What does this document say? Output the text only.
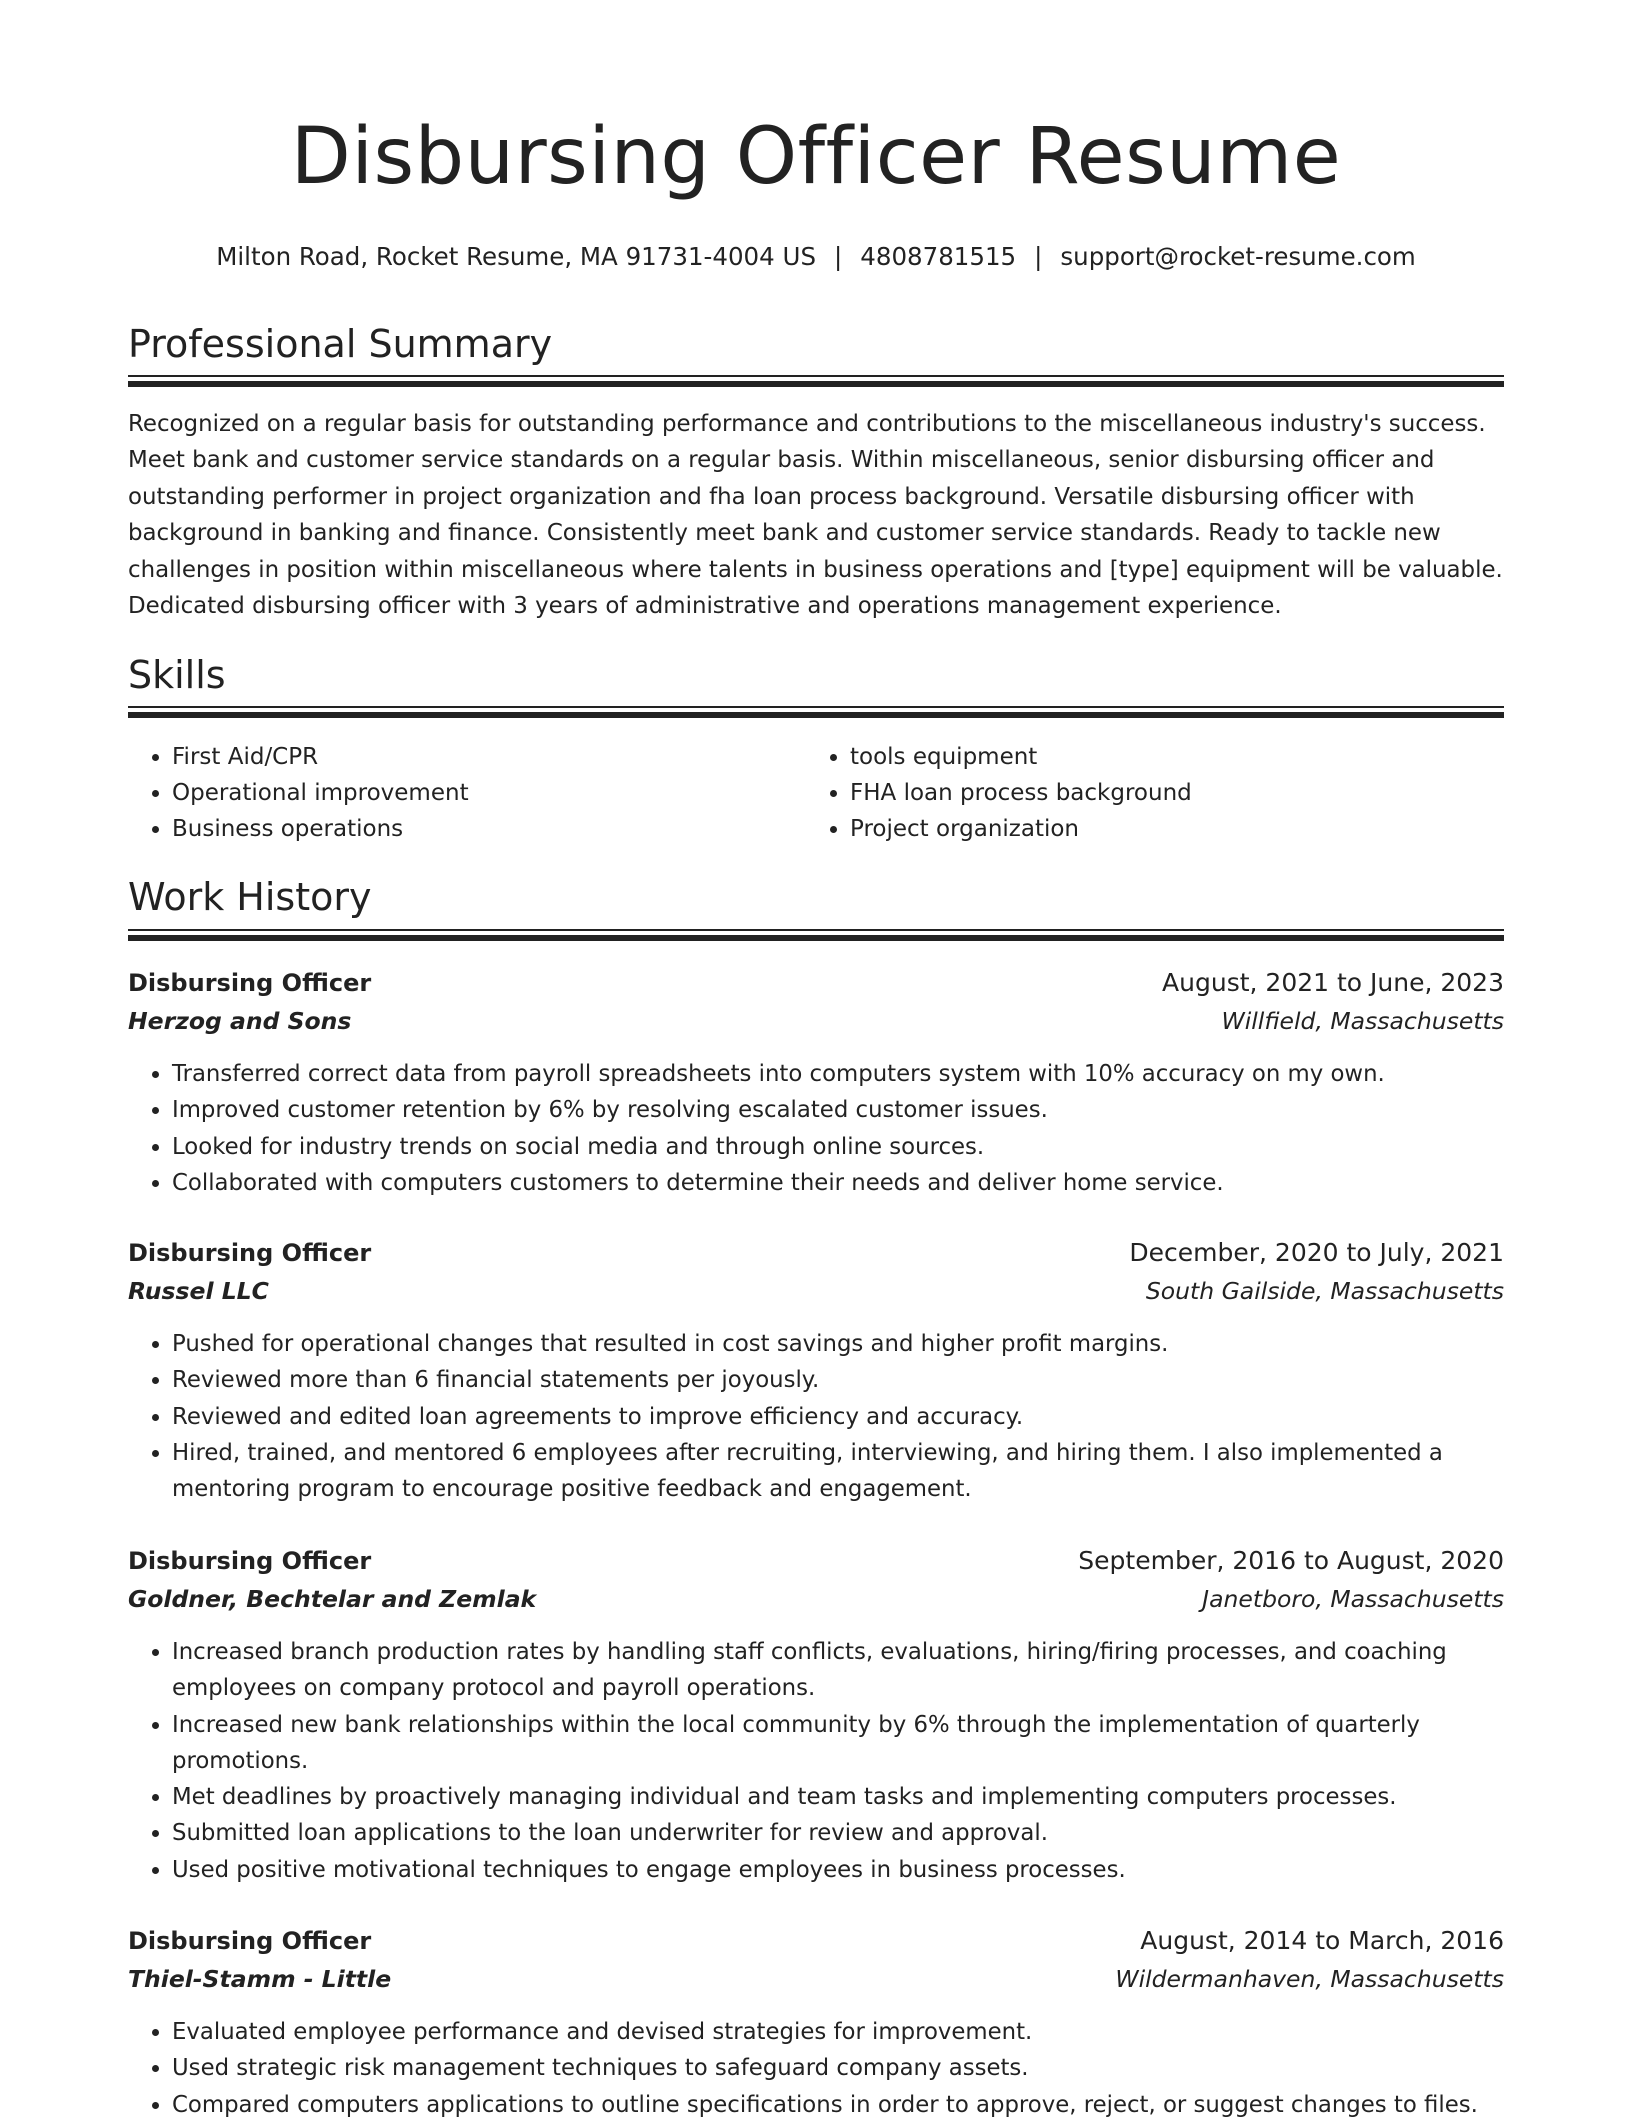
Disbursing Officer Resume
Milton Road, Rocket Resume, MA 91731-4004 US | 4808781515 | support@rocket-resume.com
Professional Summary

Recognized on a regular basis for outstanding performance and contributions to the miscellaneous industry's success. Meet bank and customer service standards on a regular basis. Within miscellaneous, senior disbursing officer and outstanding performer in project organization and fha loan process background. Versatile disbursing officer with background in banking and finance. Consistently meet bank and customer service standards. Ready to tackle new challenges in position within miscellaneous where talents in business operations and [type] equipment will be valuable. Dedicated disbursing officer with 3 years of administrative and operations management experience.

Skills
• First Aid/CPR
• Operational improvement
• Business operations
• tools equipment
• FHA loan process background
• Project organization
Work History
Disbursing Officer	August, 2021 to June, 2023
Herzog and Sons	Willfield, Massachusetts
• Transferred correct data from payroll spreadsheets into computers system with 10% accuracy on my own.
• Improved customer retention by 6% by resolving escalated customer issues.
• Looked for industry trends on social media and through online sources.
• Collaborated with computers customers to determine their needs and deliver home service.
Disbursing Officer	December, 2020 to July, 2021
Russel LLC	South Gailside, Massachusetts
• Pushed for operational changes that resulted in cost savings and higher profit margins.
• Reviewed more than 6 financial statements per joyously.
• Reviewed and edited loan agreements to improve efficiency and accuracy.
• Hired, trained, and mentored 6 employees after recruiting, interviewing, and hiring them. I also implemented a mentoring program to encourage positive feedback and engagement.
Disbursing Officer	September, 2016 to August, 2020
Goldner, Bechtelar and Zemlak	Janetboro, Massachusetts
• Increased branch production rates by handling staff conflicts, evaluations, hiring/firing processes, and coaching employees on company protocol and payroll operations.
• Increased new bank relationships within the local community by 6% through the implementation of quarterly promotions.
• Met deadlines by proactively managing individual and team tasks and implementing computers processes.
• Submitted loan applications to the loan underwriter for review and approval.
• Used positive motivational techniques to engage employees in business processes.
Disbursing Officer	August, 2014 to March, 2016
Thiel-Stamm - Little	Wildermanhaven, Massachusetts
• Evaluated employee performance and devised strategies for improvement.
• Used strategic risk management techniques to safeguard company assets.
• Compared computers applications to outline specifications in order to approve, reject, or suggest changes to files.
